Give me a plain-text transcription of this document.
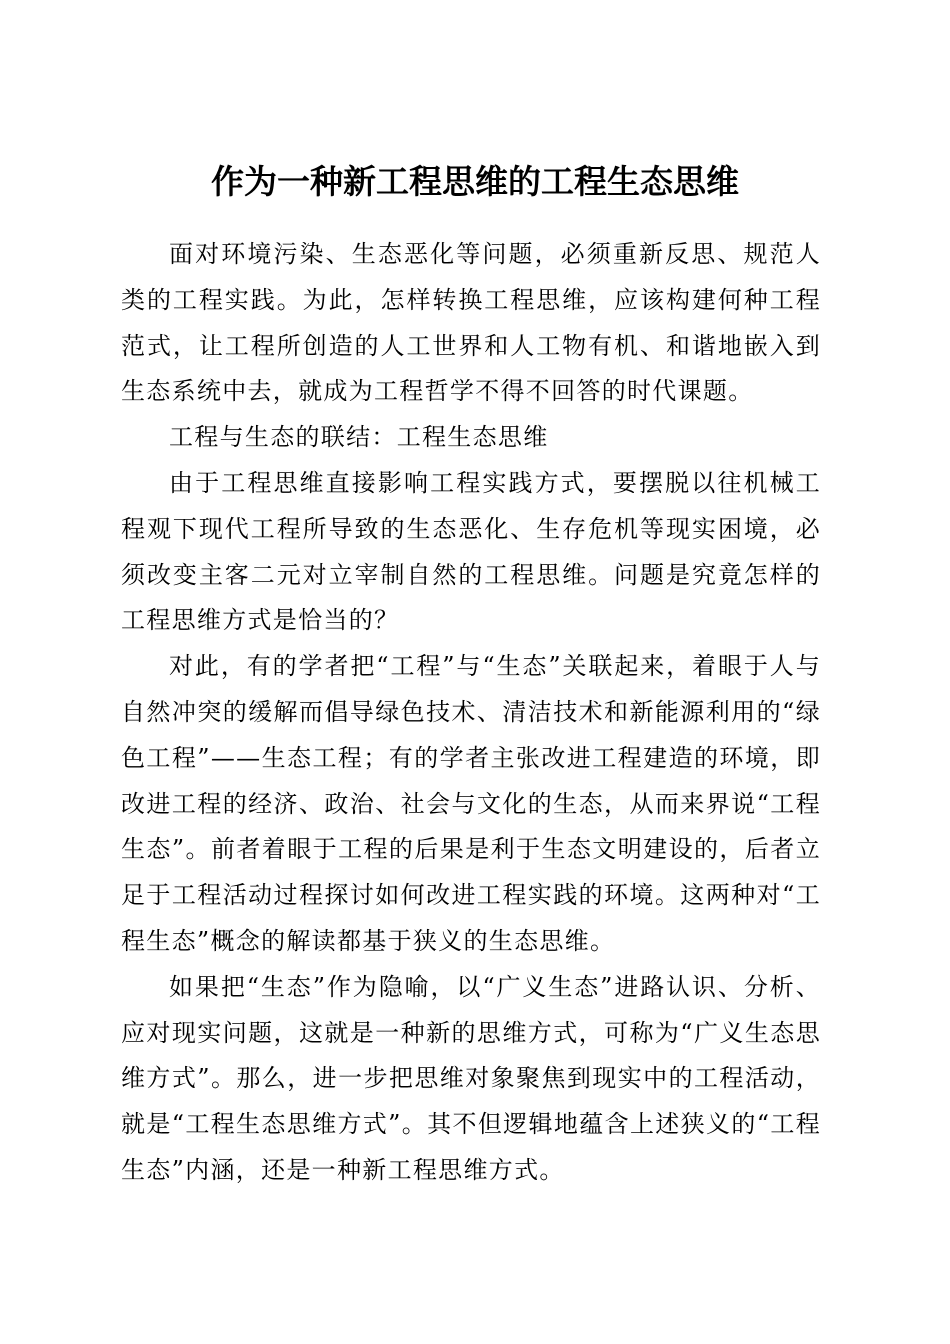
作为一种新工程思维的工程生态思维

面对环境污染、生态恶化等问题，必须重新反思、规范人类的工程实践。为此，怎样转换工程思维，应该构建何种工程范式，让工程所创造的人工世界和人工物有机、和谐地嵌入到生态系统中去，就成为工程哲学不得不回答的时代课题。

工程与生态的联结：工程生态思维

由于工程思维直接影响工程实践方式，要摆脱以往机械工程观下现代工程所导致的生态恶化、生存危机等现实困境，必须改变主客二元对立宰制自然的工程思维。问题是究竟怎样的工程思维方式是恰当的？

对此，有的学者把“工程”与“生态”关联起来，着眼于人与自然冲突的缓解而倡导绿色技术、清洁技术和新能源利用的“绿色工程”——生态工程；有的学者主张改进工程建造的环境，即改进工程的经济、政治、社会与文化的生态，从而来界说“工程生态”。前者着眼于工程的后果是利于生态文明建设的，后者立足于工程活动过程探讨如何改进工程实践的环境。这两种对“工程生态”概念的解读都基于狭义的生态思维。

如果把“生态”作为隐喻，以“广义生态”进路认识、分析、应对现实问题，这就是一种新的思维方式，可称为“广义生态思维方式”。那么，进一步把思维对象聚焦到现实中的工程活动，就是“工程生态思维方式”。其不但逻辑地蕴含上述狭义的“工程生态”内涵，还是一种新工程思维方式。
